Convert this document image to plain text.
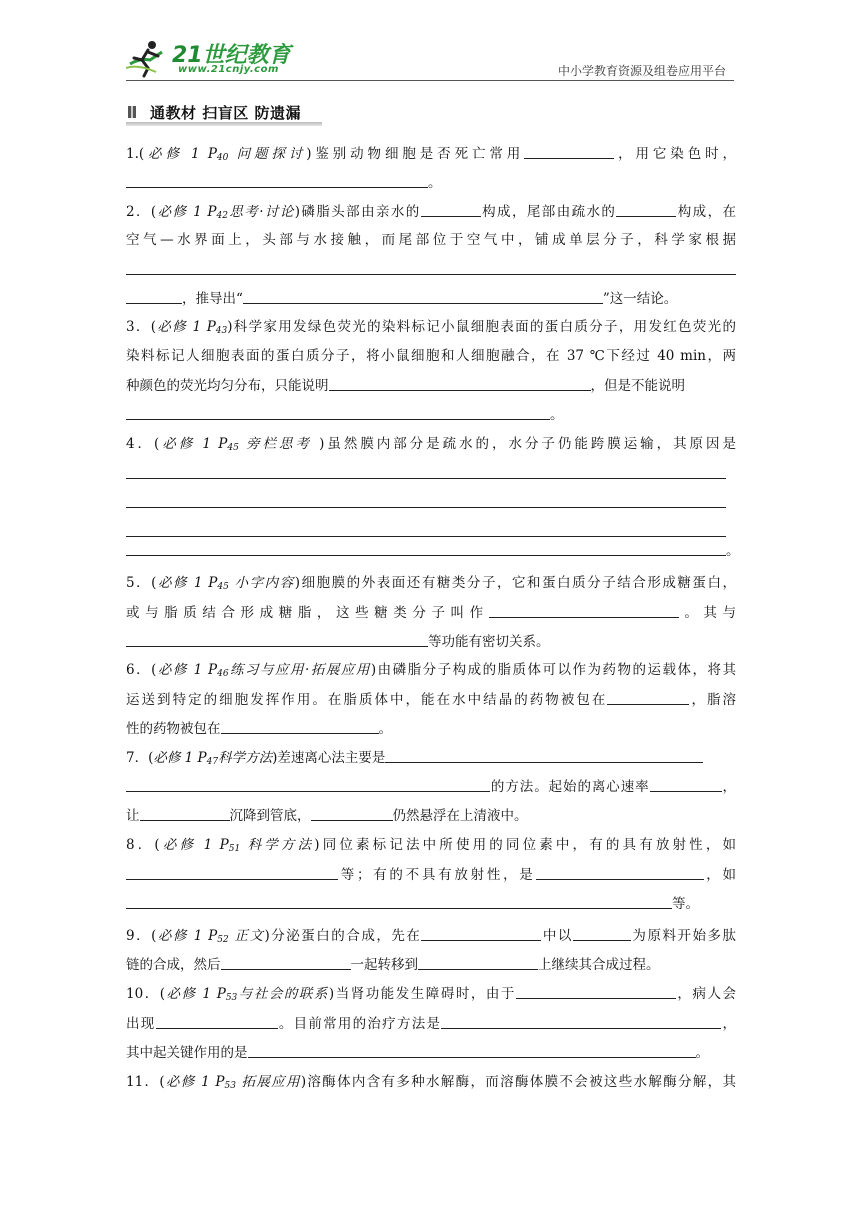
21世纪教育
www.21cnjy.com	中小学教育资源及组卷应用平台
通教材 扫盲区 防遗漏
1.(必修 1 $P_{40}$ 问题探讨)鉴别动物细胞是否死亡常用	，用它染色时，
。
2．(必修 1 $P_{42}$思考·讨论)磷脂头部由亲水的	构成，尾部由疏水的	构成，在
空气—水界面上，头部与水接触，而尾部位于空气中，铺成单层分子，科学家根据
，推导出“	”这一结论。
3．(必修 1 $P_{43}$)科学家用发绿色荧光的染料标记小鼠细胞表面的蛋白质分子，用发红色荧光的
染料标记人细胞表面的蛋白质分子，将小鼠细胞和人细胞融合，在 37 ℃下经过 40 min，两
种颜色的荧光均匀分布，只能说明	，但是不能说明
。
4．(必修 1 $P_{45}$ 旁栏思考 )虽然膜内部分是疏水的，水分子仍能跨膜运输，其原因是
。
5．(必修 1 $P_{45}$ 小字内容)细胞膜的外表面还有糖类分子，它和蛋白质分子结合形成糖蛋白，
或与脂质结合形成糖脂，这些糖类分子叫作	。其与
等功能有密切关系。
6．(必修 1 $P_{46}$练习与应用·拓展应用)由磷脂分子构成的脂质体可以作为药物的运载体，将其
运送到特定的细胞发挥作用。在脂质体中，能在水中结晶的药物被包在	，脂溶
性的药物被包在	。
7．(必修 1 $P_{47}$科学方法)差速离心法主要是
的方法。起始的离心速率	，
让	沉降到管底，	仍然悬浮在上清液中。
8．(必修 1 $P_{51}$ 科学方法)同位素标记法中所使用的同位素中，有的具有放射性，如
等；有的不具有放射性，是	，如
等。
9．(必修 1 $P_{52}$ 正文)分泌蛋白的合成，先在	中以	为原料开始多肽
链的合成，然后	一起转移到	上继续其合成过程。
10．(必修 1 $P_{53}$与社会的联系)当肾功能发生障碍时，由于	，病人会
出现	。目前常用的治疗方法是	，
其中起关键作用的是	。
11．(必修 1 $P_{53}$ 拓展应用)溶酶体内含有多种水解酶，而溶酶体膜不会被这些水解酶分解，其
